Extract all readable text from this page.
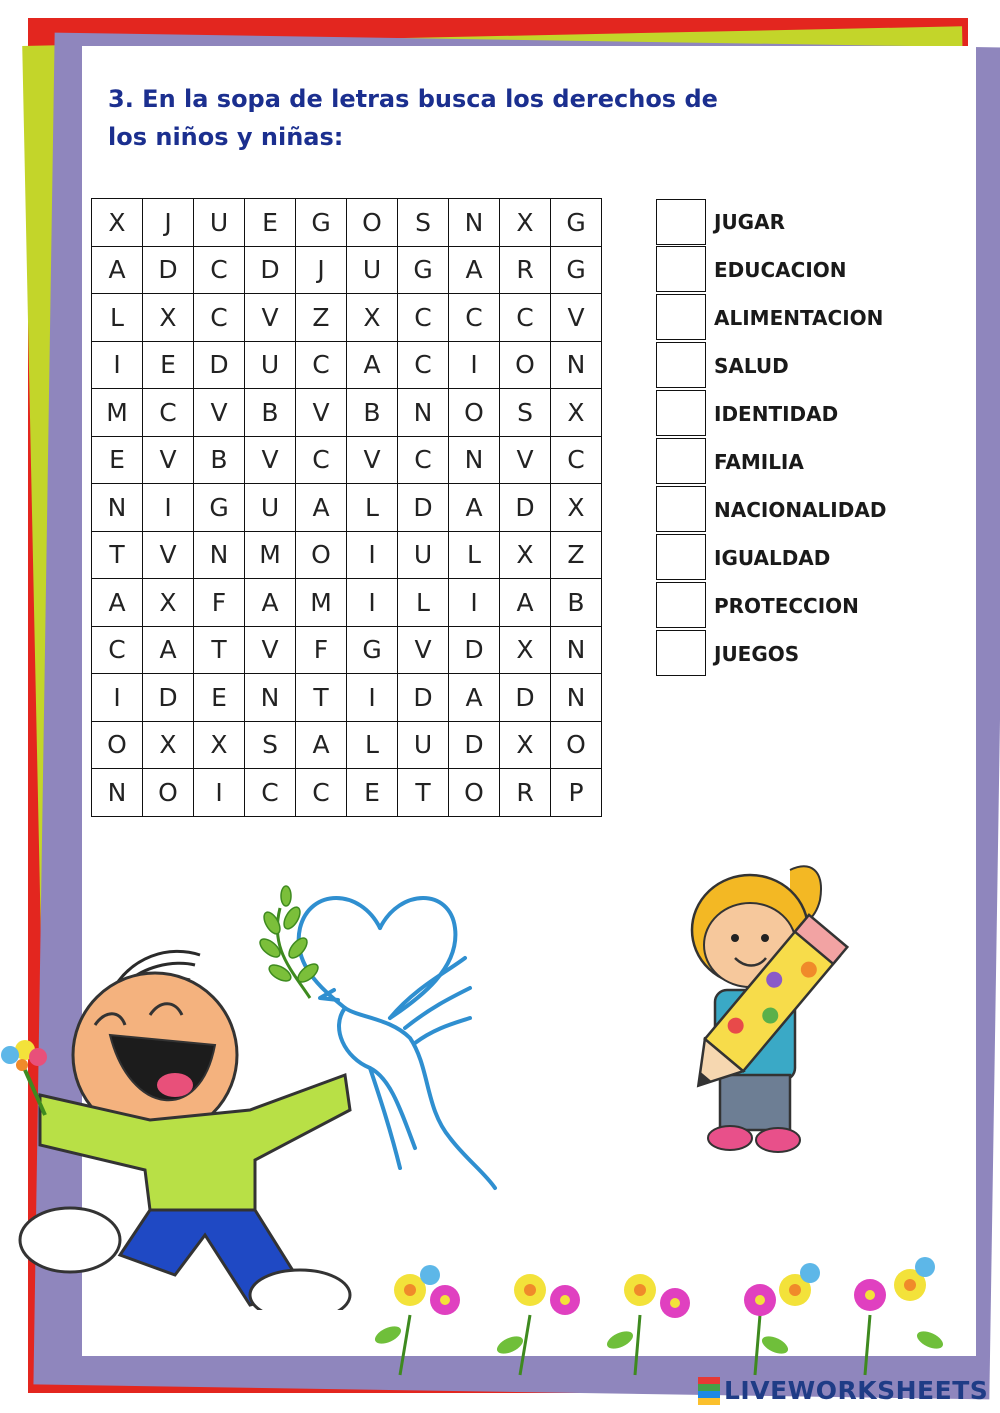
3. En la sopa de letras busca los derechos de los niños y niñas:
X	J	U	E	G	O	S	N	X	G
A	D	C	D	J	U	G	A	R	G
L	X	C	V	Z	X	C	C	C	V
I	E	D	U	C	A	C	I	O	N
M	C	V	B	V	B	N	O	S	X
E	V	B	V	C	V	C	N	V	C
N	I	G	U	A	L	D	A	D	X
T	V	N	M	O	I	U	L	X	Z
A	X	F	A	M	I	L	I	A	B
C	A	T	V	F	G	V	D	X	N
I	D	E	N	T	I	D	A	D	N
O	X	X	S	A	L	U	D	X	O
N	O	I	C	C	E	T	O	R	P
JUGAR
EDUCACION
ALIMENTACION
SALUD
IDENTIDAD
FAMILIA
NACIONALIDAD
IGUALDAD
PROTECCION
JUEGOS
LIVEWORKSHEETS
